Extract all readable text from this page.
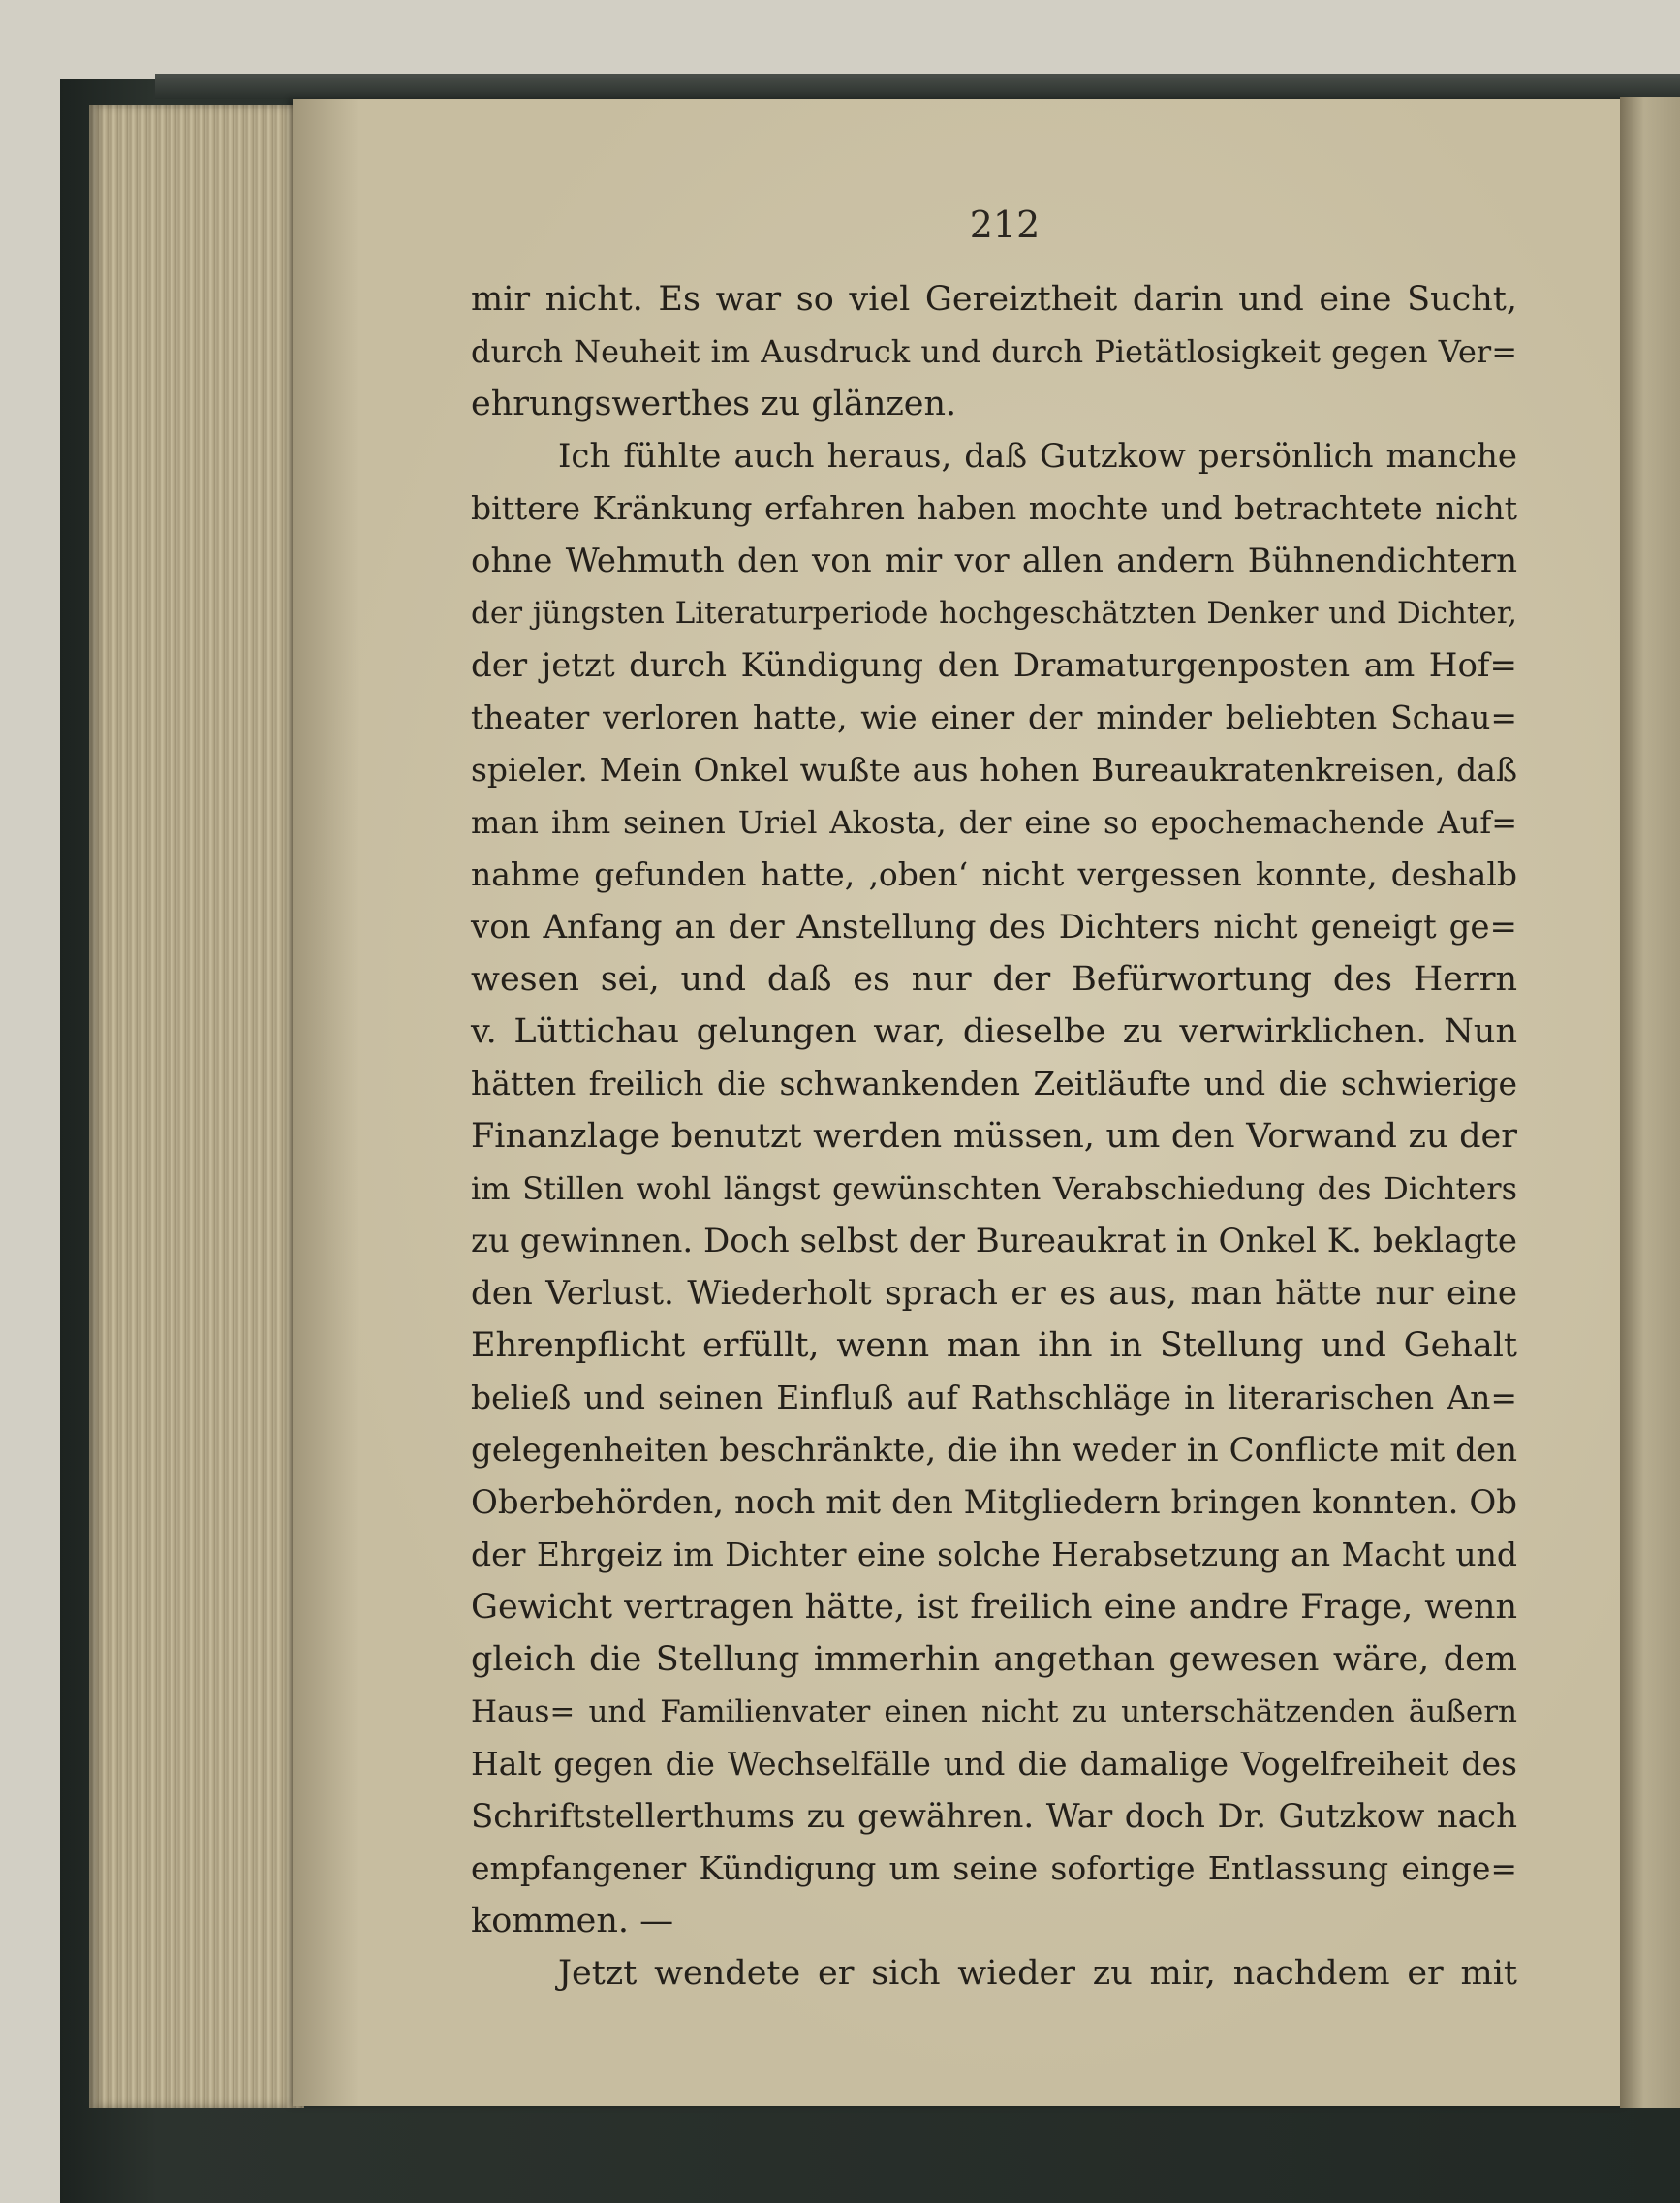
212
mir nicht. Es war so viel Gereiztheit darin und eine Sucht,
durch Neuheit im Ausdruck und durch Pietätlosigkeit gegen Ver=
ehrungswerthes zu glänzen.
Ich fühlte auch heraus, daß Gutzkow persönlich manche
bittere Kränkung erfahren haben mochte und betrachtete nicht
ohne Wehmuth den von mir vor allen andern Bühnendichtern
der jüngsten Literaturperiode hochgeschätzten Denker und Dichter,
der jetzt durch Kündigung den Dramaturgenposten am Hof=
theater verloren hatte, wie einer der minder beliebten Schau=
spieler. Mein Onkel wußte aus hohen Bureaukratenkreisen, daß
man ihm seinen Uriel Akosta, der eine so epochemachende Auf=
nahme gefunden hatte, ‚oben‘ nicht vergessen konnte, deshalb
von Anfang an der Anstellung des Dichters nicht geneigt ge=
wesen sei, und daß es nur der Befürwortung des Herrn
v. Lüttichau gelungen war, dieselbe zu verwirklichen. Nun
hätten freilich die schwankenden Zeitläufte und die schwierige
Finanzlage benutzt werden müssen, um den Vorwand zu der
im Stillen wohl längst gewünschten Verabschiedung des Dichters
zu gewinnen. Doch selbst der Bureaukrat in Onkel K. beklagte
den Verlust. Wiederholt sprach er es aus, man hätte nur eine
Ehrenpflicht erfüllt, wenn man ihn in Stellung und Gehalt
beließ und seinen Einfluß auf Rathschläge in literarischen An=
gelegenheiten beschränkte, die ihn weder in Conflicte mit den
Oberbehörden, noch mit den Mitgliedern bringen konnten. Ob
der Ehrgeiz im Dichter eine solche Herabsetzung an Macht und
Gewicht vertragen hätte, ist freilich eine andre Frage, wenn
gleich die Stellung immerhin angethan gewesen wäre, dem
Haus= und Familienvater einen nicht zu unterschätzenden äußern
Halt gegen die Wechselfälle und die damalige Vogelfreiheit des
Schriftstellerthums zu gewähren. War doch Dr. Gutzkow nach
empfangener Kündigung um seine sofortige Entlassung einge=
kommen. —
Jetzt wendete er sich wieder zu mir, nachdem er mit
